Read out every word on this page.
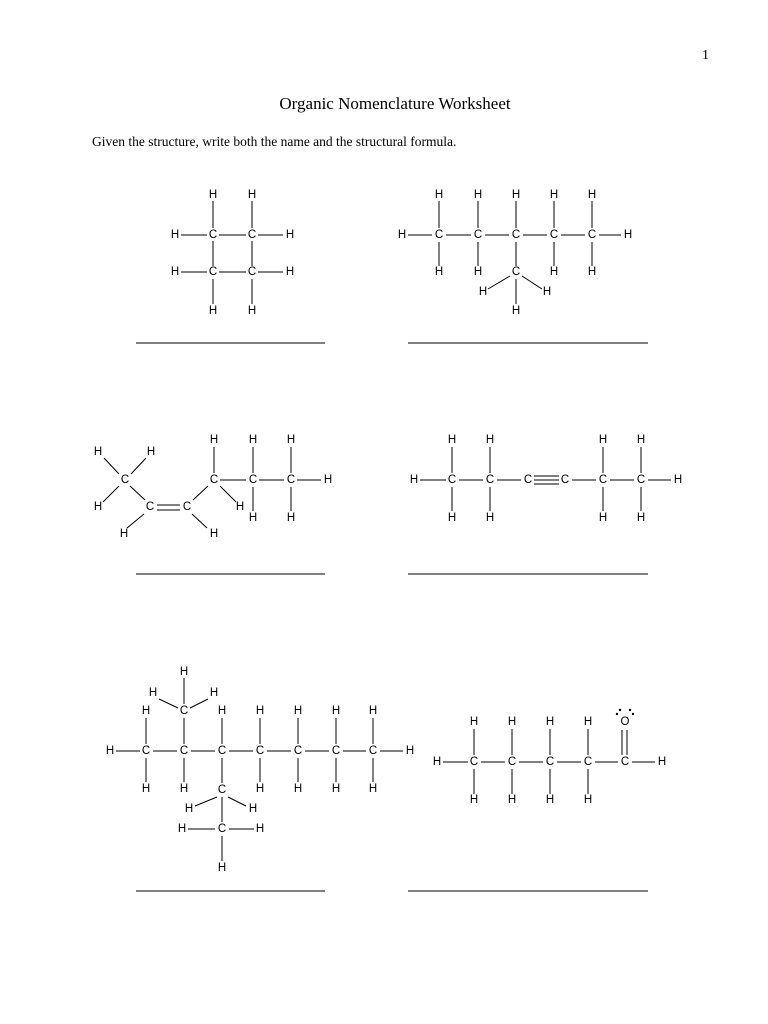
1
Organic Nomenclature Worksheet
Given the structure, write both the name and the structural formula.
C	C
C	C
H	H
H	H
H
H
H
H
C	C	C	C	C
C
H	H
H	H	H	H	H
H	H	H	H
H	H
H
C
C C
C	C	C
H	H
H
H	H
H	H	H
H
H	H
H	C	C	C C	C	C
H	H
H	H	H	H
H	H	H	H
C	C	C	C	C	C C
C
C
C
H	H
H
H	H
H	H	H	H	H H
H	H	H	H	H H
H	H
H	H
H
C	C	C	C C
O
H	H
H	H	H	H
H	H	H	H
